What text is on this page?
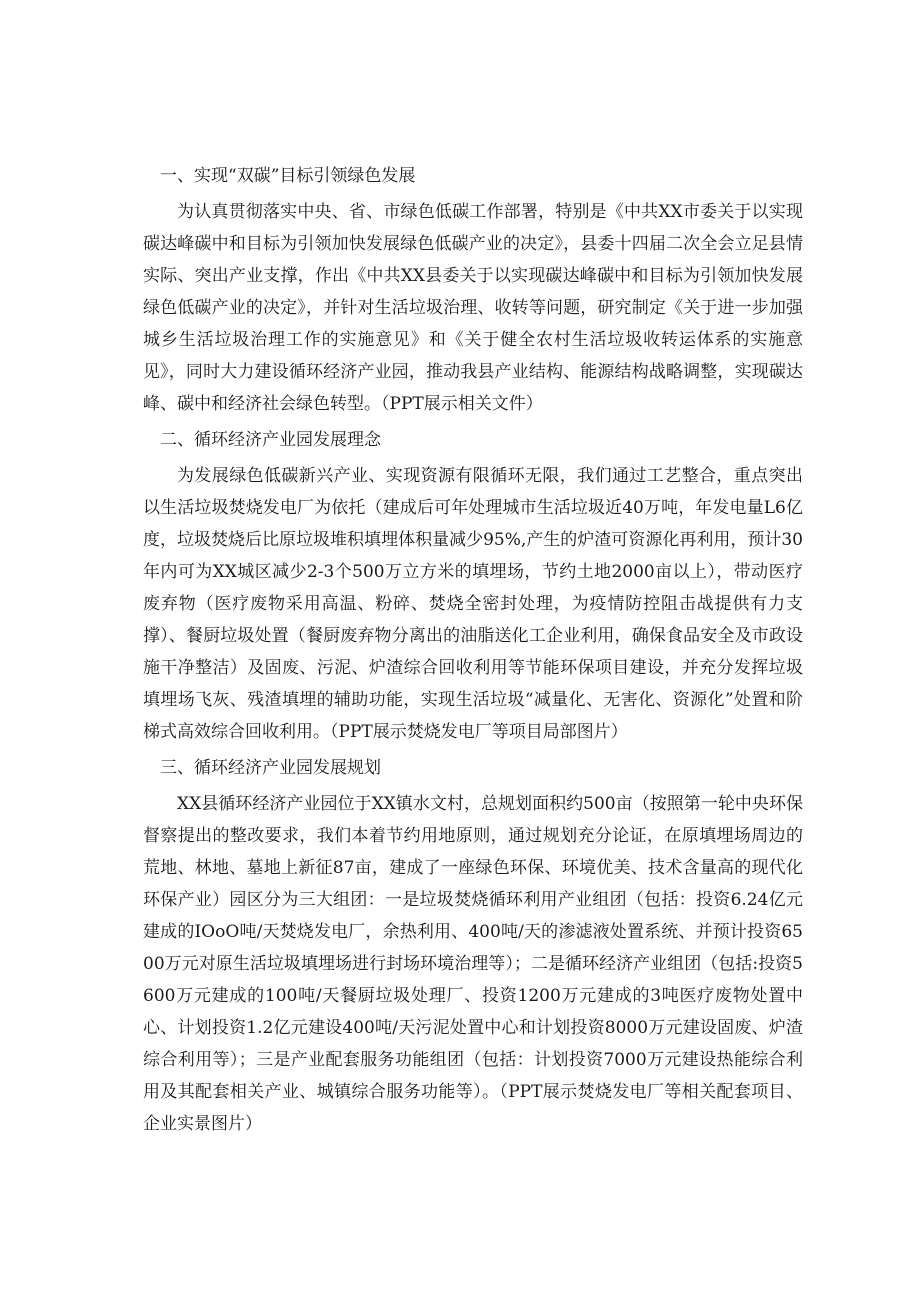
一、实现“双碳”目标引领绿色发展

为认真贯彻落实中央、省、市绿色低碳工作部署，特别是《中共XX市委关于以实现碳达峰碳中和目标为引领加快发展绿色低碳产业的决定》，县委十四届二次全会立足县情实际、突出产业支撑，作出《中共XX县委关于以实现碳达峰碳中和目标为引领加快发展绿色低碳产业的决定》，并针对生活垃圾治理、收转等问题，研究制定《关于进一步加强城乡生活垃圾治理工作的实施意见》和《关于健全农村生活垃圾收转运体系的实施意见》，同时大力建设循环经济产业园，推动我县产业结构、能源结构战略调整，实现碳达峰、碳中和经济社会绿色转型。（PPT展示相关文件）

二、循环经济产业园发展理念

为发展绿色低碳新兴产业、实现资源有限循环无限，我们通过工艺整合，重点突出以生活垃圾焚烧发电厂为依托（建成后可年处理城市生活垃圾近40万吨，年发电量L6亿度，垃圾焚烧后比原垃圾堆积填埋体积量减少95%,产生的炉渣可资源化再利用，预计30年内可为XX城区减少2-3个500万立方米的填埋场，节约土地2000亩以上），带动医疗废弃物（医疗废物采用高温、粉碎、焚烧全密封处理，为疫情防控阻击战提供有力支撑）、餐厨垃圾处置（餐厨废弃物分离出的油脂送化工企业利用，确保食品安全及市政设施干净整洁）及固废、污泥、炉渣综合回收利用等节能环保项目建设，并充分发挥垃圾填埋场飞灰、残渣填埋的辅助功能，实现生活垃圾“减量化、无害化、资源化”处置和阶梯式高效综合回收利用。（PPT展示焚烧发电厂等项目局部图片）

三、循环经济产业园发展规划

XX县循环经济产业园位于XX镇水文村，总规划面积约500亩（按照第一轮中央环保督察提出的整改要求，我们本着节约用地原则，通过规划充分论证，在原填埋场周边的荒地、林地、墓地上新征87亩，建成了一座绿色环保、环境优美、技术含量高的现代化环保产业）园区分为三大组团：一是垃圾焚烧循环利用产业组团（包括：投资6.24亿元建成的IOoO吨/天焚烧发电厂，余热利用、400吨/天的渗滤液处置系统、并预计投资6500万元对原生活垃圾填埋场进行封场环境治理等）；二是循环经济产业组团（包括:投资5600万元建成的100吨/天餐厨垃圾处理厂、投资1200万元建成的3吨医疗废物处置中心、计划投资1.2亿元建设400吨/天污泥处置中心和计划投资8000万元建设固废、炉渣综合利用等）；三是产业配套服务功能组团（包括：计划投资7000万元建设热能综合利用及其配套相关产业、城镇综合服务功能等）。（PPT展示焚烧发电厂等相关配套项目、企业实景图片）
